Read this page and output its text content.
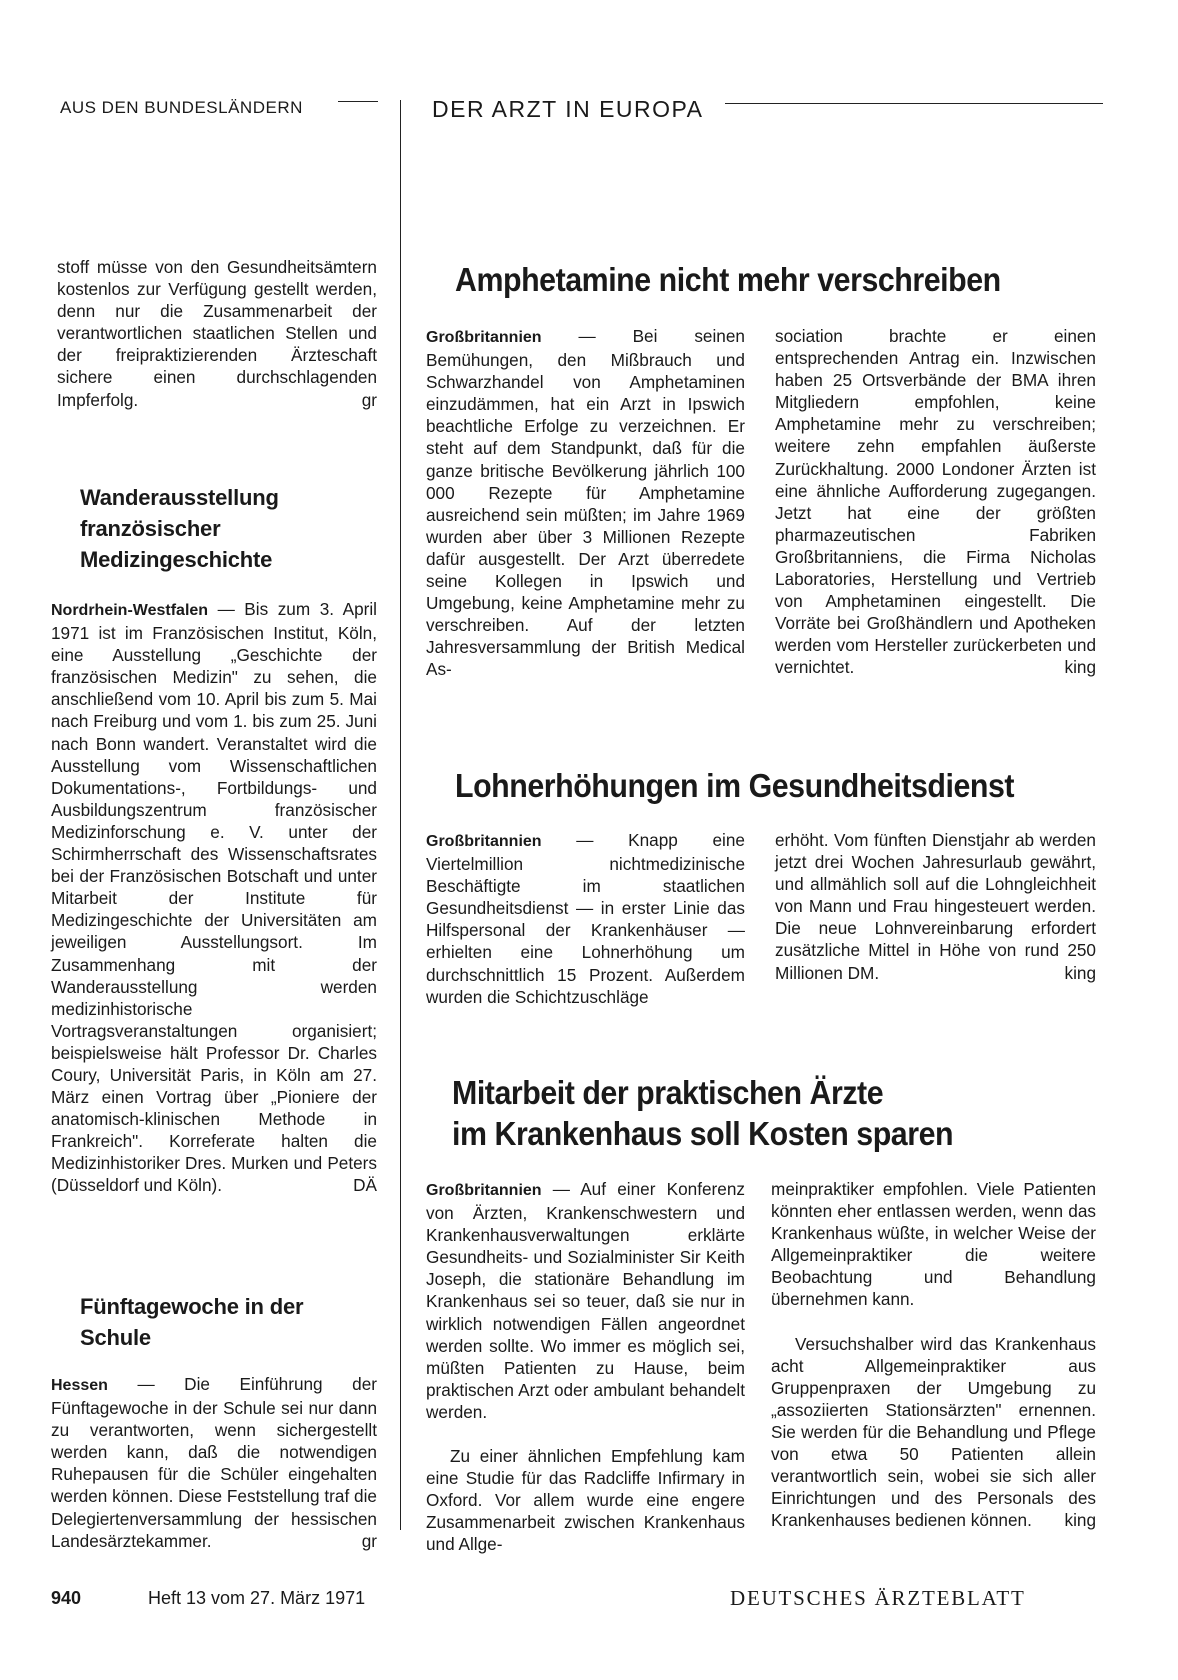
AUS DEN BUNDESLÄNDERN	DER ARZT IN EUROPA

stoff müsse von den Gesundheitsämtern kostenlos zur Verfügung gestellt werden, denn nur die Zusammenarbeit der verantwortlichen staatlichen Stellen und der freipraktizierenden Ärzteschaft sichere einen durchschlagenden Impferfolg.	gr

Wanderausstellung französischer Medizingeschichte

Nordrhein-Westfalen — Bis zum 3. April 1971 ist im Französischen Institut, Köln, eine Ausstellung „Geschichte der französischen Medizin" zu sehen, die anschließend vom 10. April bis zum 5. Mai nach Freiburg und vom 1. bis zum 25. Juni nach Bonn wandert. Veranstaltet wird die Ausstellung vom Wissenschaftlichen Dokumentations-, Fortbildungs- und Ausbildungszentrum französischer Medizinforschung e. V. unter der Schirmherrschaft des Wissenschaftsrates bei der Französischen Botschaft und unter Mitarbeit der Institute für Medizingeschichte der Universitäten am jeweiligen Ausstellungsort. Im Zusammenhang mit der Wanderausstellung werden medizinhistorische Vortragsveranstaltungen organisiert; beispielsweise hält Professor Dr. Charles Coury, Universität Paris, in Köln am 27. März einen Vortrag über „Pioniere der anatomisch-klinischen Methode in Frankreich". Korreferate halten die Medizinhistoriker Dres. Murken und Peters (Düsseldorf und Köln).	DÄ

Fünftagewoche in der Schule

Hessen — Die Einführung der Fünftagewoche in der Schule sei nur dann zu verantworten, wenn sichergestellt werden kann, daß die notwendigen Ruhepausen für die Schüler eingehalten werden können. Diese Feststellung traf die Delegiertenversammlung der hessischen Landesärztekammer.	gr

Amphetamine nicht mehr verschreiben

Großbritannien — Bei seinen Bemühungen, den Mißbrauch und Schwarzhandel von Amphetaminen einzudämmen, hat ein Arzt in Ipswich beachtliche Erfolge zu verzeichnen. Er steht auf dem Standpunkt, daß für die ganze britische Bevölkerung jährlich 100 000 Rezepte für Amphetamine ausreichend sein müßten; im Jahre 1969 wurden aber über 3 Millionen Rezepte dafür ausgestellt. Der Arzt überredete seine Kollegen in Ipswich und Umgebung, keine Amphetamine mehr zu verschreiben. Auf der letzten Jahresversammlung der British Medical As-

sociation brachte er einen entsprechenden Antrag ein. Inzwischen haben 25 Ortsverbände der BMA ihren Mitgliedern empfohlen, keine Amphetamine mehr zu verschreiben; weitere zehn empfahlen äußerste Zurückhaltung. 2000 Londoner Ärzten ist eine ähnliche Aufforderung zugegangen. Jetzt hat eine der größten pharmazeutischen Fabriken Großbritanniens, die Firma Nicholas Laboratories, Herstellung und Vertrieb von Amphetaminen eingestellt. Die Vorräte bei Großhändlern und Apotheken werden vom Hersteller zurückerbeten und vernichtet.	king

Lohnerhöhungen im Gesundheitsdienst

Großbritannien — Knapp eine Viertelmillion nichtmedizinische Beschäftigte im staatlichen Gesundheitsdienst — in erster Linie das Hilfspersonal der Krankenhäuser — erhielten eine Lohnerhöhung um durchschnittlich 15 Prozent. Außerdem wurden die Schichtzuschläge

erhöht. Vom fünften Dienstjahr ab werden jetzt drei Wochen Jahresurlaub gewährt, und allmählich soll auf die Lohngleichheit von Mann und Frau hingesteuert werden. Die neue Lohnvereinbarung erfordert zusätzliche Mittel in Höhe von rund 250 Millionen DM.	king

Mitarbeit der praktischen Ärzte
im Krankenhaus soll Kosten sparen

Großbritannien — Auf einer Konferenz von Ärzten, Krankenschwestern und Krankenhausverwaltungen erklärte Gesundheits- und Sozialminister Sir Keith Joseph, die stationäre Behandlung im Krankenhaus sei so teuer, daß sie nur in wirklich notwendigen Fällen angeordnet werden sollte. Wo immer es möglich sei, müßten Patienten zu Hause, beim praktischen Arzt oder ambulant behandelt werden.

Zu einer ähnlichen Empfehlung kam eine Studie für das Radcliffe Infirmary in Oxford. Vor allem wurde eine engere Zusammenarbeit zwischen Krankenhaus und Allge-

meinpraktiker empfohlen. Viele Patienten könnten eher entlassen werden, wenn das Krankenhaus wüßte, in welcher Weise der Allgemeinpraktiker die weitere Beobachtung und Behandlung übernehmen kann.

Versuchshalber wird das Krankenhaus acht Allgemeinpraktiker aus Gruppenpraxen der Umgebung zu „assoziierten Stationsärzten" ernennen. Sie werden für die Behandlung und Pflege von etwa 50 Patienten allein verantwortlich sein, wobei sie sich aller Einrichtungen und des Personals des Krankenhauses bedienen können.	king

940	Heft 13 vom 27. März 1971	DEUTSCHES ÄRZTEBLATT
